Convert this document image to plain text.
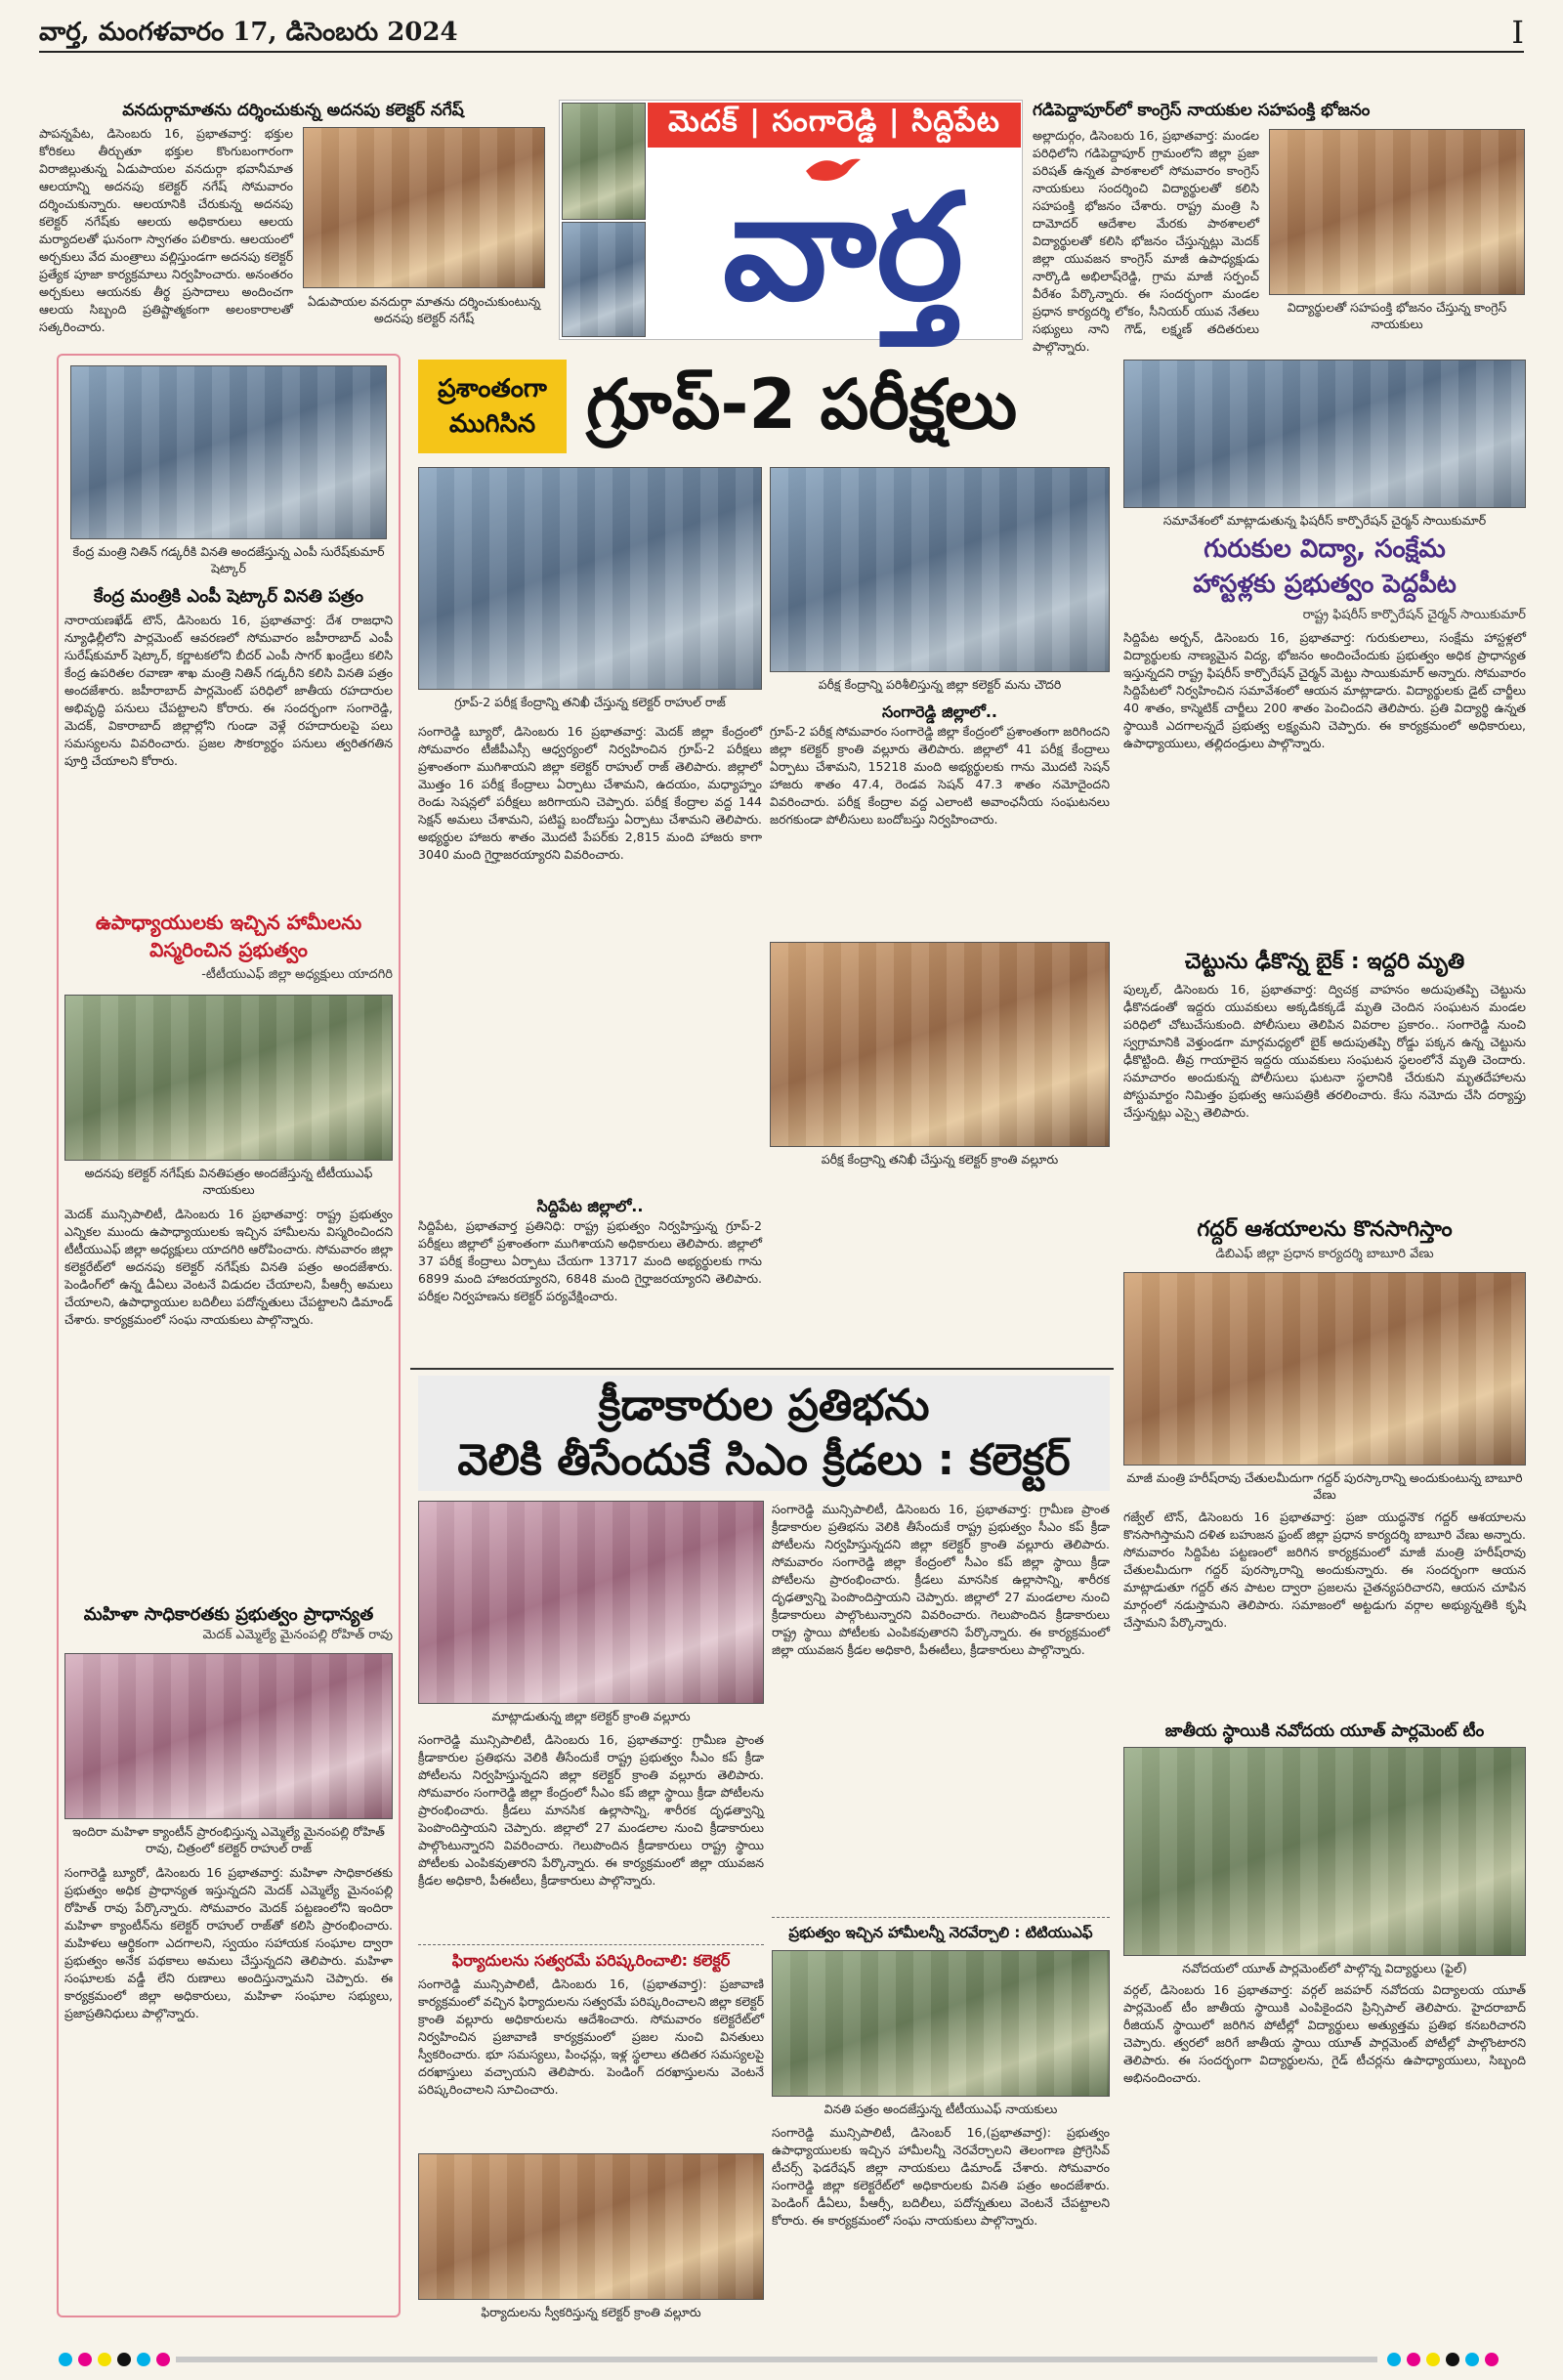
వార్త, మంగళవారం 17, డిసెంబరు 2024	I
వనదుర్గామాతను దర్శించుకున్న అదనపు కలెక్టర్ నగేష్
పాపన్నపేట, డిసెంబరు 16, ప్రభాతవార్త: భక్తుల కోరికలు తీర్చుతూ భక్తుల కొంగుబంగారంగా విరాజిల్లుతున్న ఏడుపాయల వనదుర్గా భవానీమాత ఆలయాన్ని అదనపు కలెక్టర్ నగేష్ సోమవారం దర్శించుకున్నారు. ఆలయానికి చేరుకున్న అదనపు కలెక్టర్ నగేష్‌కు ఆలయ అధికారులు ఆలయ మర్యాదలతో ఘనంగా స్వాగతం పలికారు. ఆలయంలో అర్చకులు వేద మంత్రాలు వల్లిస్తుండగా అదనపు కలెక్టర్ ప్రత్యేక పూజా కార్యక్రమాలు నిర్వహించారు. అనంతరం అర్చకులు ఆయనకు తీర్థ ప్రసాదాలు అందించగా ఆలయ సిబ్బంది ప్రతిష్టాత్మకంగా అలంకారాలతో సత్కరించారు.
ఏడుపాయల వనదుర్గా మాతను దర్శించుకుంటున్న అదనపు కలెక్టర్ నగేష్
మెదక్ | సంగారెడ్డి | సిద్దిపేట
వార్త
గడిపెద్దాపూర్‌లో కాంగ్రెస్ నాయకుల సహపంక్తి భోజనం
అల్లాదుర్గం, డిసెంబరు 16, ప్రభాతవార్త: మండల పరిధిలోని గడిపెద్దాపూర్ గ్రామంలోని జిల్లా ప్రజా పరిషత్ ఉన్నత పాఠశాలలో సోమవారం కాంగ్రెస్ నాయకులు సందర్శించి విద్యార్థులతో కలిసి సహపంక్తి భోజనం చేశారు. రాష్ట్ర మంత్రి సి దామోదర్ ఆదేశాల మేరకు పాఠశాలలో విద్యార్థులతో కలిసి భోజనం చేస్తున్నట్లు మెదక్ జిల్లా యువజన కాంగ్రెస్ మాజీ ఉపాధ్యక్షుడు నార్కొడి అభిలాష్‌రెడ్డి, గ్రామ మాజీ సర్పంచ్ వీరేశం పేర్కొన్నారు. ఈ సందర్భంగా మండల ప్రధాన కార్యదర్శి లోకం, సీనియర్ యువ నేతలు సభ్యులు నాని గౌడ్, లక్ష్మణ్ తదితరులు పాల్గొన్నారు.
విద్యార్థులతో సహపంక్తి భోజనం చేస్తున్న కాంగ్రెస్ నాయకులు
కేంద్ర మంత్రి నితిన్ గడ్కరీకి వినతి అందజేస్తున్న ఎంపీ సురేష్‌కుమార్ షెట్కార్
కేంద్ర మంత్రికి ఎంపీ షెట్కార్ వినతి పత్రం
నారాయణఖేడ్ టౌన్, డిసెంబరు 16, ప్రభాతవార్త: దేశ రాజధాని న్యూఢిల్లీలోని పార్లమెంట్ ఆవరణలో సోమవారం జహీరాబాద్ ఎంపీ సురేష్‌కుమార్ షెట్కార్, కర్ణాటకలోని బీదర్ ఎంపీ సాగర్ ఖండ్రేలు కలిసి కేంద్ర ఉపరితల రవాణా శాఖ మంత్రి నితిన్ గడ్కరీని కలిసి వినతి పత్రం అందజేశారు. జహీరాబాద్ పార్లమెంట్ పరిధిలో జాతీయ రహదారుల అభివృద్ధి పనులు చేపట్టాలని కోరారు. ఈ సందర్భంగా సంగారెడ్డి, మెదక్, వికారాబాద్ జిల్లాల్లోని గుండా వెళ్లే రహదారులపై పలు సమస్యలను వివరించారు. ప్రజల సౌకర్యార్థం పనులు త్వరితగతిన పూర్తి చేయాలని కోరారు.
ఉపాధ్యాయులకు ఇచ్చిన హామీలను విస్మరించిన ప్రభుత్వం
-టీటీయుఎఫ్ జిల్లా అధ్యక్షులు యాదగిరి
అదనపు కలెక్టర్ నగేష్‌కు వినతిపత్రం అందజేస్తున్న టీటీయుఎఫ్ నాయకులు
మెదక్ మున్సిపాలిటీ, డిసెంబరు 16 ప్రభాతవార్త: రాష్ట్ర ప్రభుత్వం ఎన్నికల ముందు ఉపాధ్యాయులకు ఇచ్చిన హామీలను విస్మరించిందని టీటీయుఎఫ్ జిల్లా అధ్యక్షులు యాదగిరి ఆరోపించారు. సోమవారం జిల్లా కలెక్టరేట్‌లో అదనపు కలెక్టర్ నగేష్‌కు వినతి పత్రం అందజేశారు. పెండింగ్‌లో ఉన్న డీఏలు వెంటనే విడుదల చేయాలని, పీఆర్సీ అమలు చేయాలని, ఉపాధ్యాయుల బదిలీలు పదోన్నతులు చేపట్టాలని డిమాండ్ చేశారు. కార్యక్రమంలో సంఘ నాయకులు పాల్గొన్నారు.
మహిళా సాధికారతకు ప్రభుత్వం ప్రాధాన్యత
మెదక్ ఎమ్మెల్యే మైనంపల్లి రోహిత్ రావు
ఇందిరా మహిళా క్యాంటీన్ ప్రారంభిస్తున్న ఎమ్మెల్యే మైనంపల్లి రోహిత్ రావు, చిత్రంలో కలెక్టర్ రాహుల్ రాజ్
సంగారెడ్డి బ్యూరో, డిసెంబరు 16 ప్రభాతవార్త: మహిళా సాధికారతకు ప్రభుత్వం అధిక ప్రాధాన్యత ఇస్తున్నదని మెదక్ ఎమ్మెల్యే మైనంపల్లి రోహిత్ రావు పేర్కొన్నారు. సోమవారం మెదక్ పట్టణంలోని ఇందిరా మహిళా క్యాంటీన్‌ను కలెక్టర్ రాహుల్ రాజ్‌తో కలిసి ప్రారంభించారు. మహిళలు ఆర్థికంగా ఎదగాలని, స్వయం సహాయక సంఘాల ద్వారా ప్రభుత్వం అనేక పథకాలు అమలు చేస్తున్నదని తెలిపారు. మహిళా సంఘాలకు వడ్డీ లేని రుణాలు అందిస్తున్నామని చెప్పారు. ఈ కార్యక్రమంలో జిల్లా అధికారులు, మహిళా సంఘాల సభ్యులు, ప్రజాప్రతినిధులు పాల్గొన్నారు.
ప్రశాంతంగా ముగిసిన గ్రూప్-2 పరీక్షలు
గ్రూప్-2 పరీక్ష కేంద్రాన్ని తనిఖీ చేస్తున్న కలెక్టర్ రాహుల్ రాజ్
పరీక్ష కేంద్రాన్ని పరిశీలిస్తున్న జిల్లా కలెక్టర్ మను చౌదరి
సంగారెడ్డి బ్యూరో, డిసెంబరు 16 ప్రభాతవార్త: మెదక్ జిల్లా కేంద్రంలో సోమవారం టీజీపీఎస్సీ ఆధ్వర్యంలో నిర్వహించిన గ్రూప్-2 పరీక్షలు ప్రశాంతంగా ముగిశాయని జిల్లా కలెక్టర్ రాహుల్ రాజ్ తెలిపారు. జిల్లాలో మొత్తం 16 పరీక్ష కేంద్రాలు ఏర్పాటు చేశామని, ఉదయం, మధ్యాహ్నం రెండు సెషన్లలో పరీక్షలు జరిగాయని చెప్పారు. పరీక్ష కేంద్రాల వద్ద 144 సెక్షన్ అమలు చేశామని, పటిష్ట బందోబస్తు ఏర్పాటు చేశామని తెలిపారు. అభ్యర్థుల హాజరు శాతం మొదటి పేపర్‌కు 2,815 మంది హాజరు కాగా 3040 మంది గైర్హాజరయ్యారని వివరించారు.
సిద్దిపేట జిల్లాలో..
సిద్దిపేట, ప్రభాతవార్త ప్రతినిధి: రాష్ట్ర ప్రభుత్వం నిర్వహిస్తున్న గ్రూప్-2 పరీక్షలు జిల్లాలో ప్రశాంతంగా ముగిశాయని అధికారులు తెలిపారు. జిల్లాలో 37 పరీక్ష కేంద్రాలు ఏర్పాటు చేయగా 13717 మంది అభ్యర్థులకు గాను 6899 మంది హాజరయ్యారని, 6848 మంది గైర్హాజరయ్యారని తెలిపారు. పరీక్షల నిర్వహణను కలెక్టర్ పర్యవేక్షించారు.
సంగారెడ్డి జిల్లాలో..
గ్రూప్-2 పరీక్ష సోమవారం సంగారెడ్డి జిల్లా కేంద్రంలో ప్రశాంతంగా జరిగిందని జిల్లా కలెక్టర్ క్రాంతి వల్లూరు తెలిపారు. జిల్లాలో 41 పరీక్ష కేంద్రాలు ఏర్పాటు చేశామని, 15218 మంది అభ్యర్థులకు గాను మొదటి సెషన్ హాజరు శాతం 47.4, రెండవ సెషన్ 47.3 శాతం నమోదైందని వివరించారు. పరీక్ష కేంద్రాల వద్ద ఎలాంటి అవాంఛనీయ సంఘటనలు జరగకుండా పోలీసులు బందోబస్తు నిర్వహించారు.
పరీక్ష కేంద్రాన్ని తనిఖీ చేస్తున్న కలెక్టర్ క్రాంతి వల్లూరు
క్రీడాకారుల ప్రతిభను
వెలికి తీసేందుకే సిఎం క్రీడలు : కలెక్టర్
మాట్లాడుతున్న జిల్లా కలెక్టర్ క్రాంతి వల్లూరు
సంగారెడ్డి మున్సిపాలిటీ, డిసెంబరు 16, ప్రభాతవార్త: గ్రామీణ ప్రాంత క్రీడాకారుల ప్రతిభను వెలికి తీసేందుకే రాష్ట్ర ప్రభుత్వం సీఎం కప్ క్రీడా పోటీలను నిర్వహిస్తున్నదని జిల్లా కలెక్టర్ క్రాంతి వల్లూరు తెలిపారు. సోమవారం సంగారెడ్డి జిల్లా కేంద్రంలో సీఎం కప్ జిల్లా స్థాయి క్రీడా పోటీలను ప్రారంభించారు. క్రీడలు మానసిక ఉల్లాసాన్ని, శారీరక దృఢత్వాన్ని పెంపొందిస్తాయని చెప్పారు. జిల్లాలో 27 మండలాల నుంచి క్రీడాకారులు పాల్గొంటున్నారని వివరించారు. గెలుపొందిన క్రీడాకారులు రాష్ట్ర స్థాయి పోటీలకు ఎంపికవుతారని పేర్కొన్నారు. ఈ కార్యక్రమంలో జిల్లా యువజన క్రీడల అధికారి, పీఈటీలు, క్రీడాకారులు పాల్గొన్నారు.
సంగారెడ్డి మున్సిపాలిటీ, డిసెంబరు 16, ప్రభాతవార్త: గ్రామీణ ప్రాంత క్రీడాకారుల ప్రతిభను వెలికి తీసేందుకే రాష్ట్ర ప్రభుత్వం సీఎం కప్ క్రీడా పోటీలను నిర్వహిస్తున్నదని జిల్లా కలెక్టర్ క్రాంతి వల్లూరు తెలిపారు. సోమవారం సంగారెడ్డి జిల్లా కేంద్రంలో సీఎం కప్ జిల్లా స్థాయి క్రీడా పోటీలను ప్రారంభించారు. క్రీడలు మానసిక ఉల్లాసాన్ని, శారీరక దృఢత్వాన్ని పెంపొందిస్తాయని చెప్పారు. జిల్లాలో 27 మండలాల నుంచి క్రీడాకారులు పాల్గొంటున్నారని వివరించారు. గెలుపొందిన క్రీడాకారులు రాష్ట్ర స్థాయి పోటీలకు ఎంపికవుతారని పేర్కొన్నారు. ఈ కార్యక్రమంలో జిల్లా యువజన క్రీడల అధికారి, పీఈటీలు, క్రీడాకారులు పాల్గొన్నారు.
ఫిర్యాదులను సత్వరమే పరిష్కరించాలి: కలెక్టర్
సంగారెడ్డి మున్సిపాలిటీ, డిసెంబరు 16, (ప్రభాతవార్త): ప్రజావాణి కార్యక్రమంలో వచ్చిన ఫిర్యాదులను సత్వరమే పరిష్కరించాలని జిల్లా కలెక్టర్ క్రాంతి వల్లూరు అధికారులను ఆదేశించారు. సోమవారం కలెక్టరేట్‌లో నిర్వహించిన ప్రజావాణి కార్యక్రమంలో ప్రజల నుంచి వినతులు స్వీకరించారు. భూ సమస్యలు, పింఛన్లు, ఇళ్ల స్థలాలు తదితర సమస్యలపై దరఖాస్తులు వచ్చాయని తెలిపారు. పెండింగ్ దరఖాస్తులను వెంటనే పరిష్కరించాలని సూచించారు.
ఫిర్యాదులను స్వీకరిస్తున్న కలెక్టర్ క్రాంతి వల్లూరు
ప్రభుత్వం ఇచ్చిన హామీలన్నీ నెరవేర్చాలి : టిటియుఎఫ్
వినతి పత్రం అందజేస్తున్న టీటీయుఎఫ్ నాయకులు
సంగారెడ్డి మున్సిపాలిటీ, డిసెంబర్ 16,(ప్రభాతవార్త): ప్రభుత్వం ఉపాధ్యాయులకు ఇచ్చిన హామీలన్నీ నెరవేర్చాలని తెలంగాణ ప్రోగ్రెసివ్ టీచర్స్ ఫెడరేషన్ జిల్లా నాయకులు డిమాండ్ చేశారు. సోమవారం సంగారెడ్డి జిల్లా కలెక్టరేట్‌లో అధికారులకు వినతి పత్రం అందజేశారు. పెండింగ్ డీఏలు, పీఆర్సీ, బదిలీలు, పదోన్నతులు వెంటనే చేపట్టాలని కోరారు. ఈ కార్యక్రమంలో సంఘ నాయకులు పాల్గొన్నారు.
సమావేశంలో మాట్లాడుతున్న ఫిషరీస్ కార్పొరేషన్ చైర్మన్ సాయికుమార్
గురుకుల విద్యా, సంక్షేమ
హాస్టళ్లకు ప్రభుత్వం పెద్దపీట
రాష్ట్ర ఫిషరీస్ కార్పొరేషన్ చైర్మన్ సాయికుమార్
సిద్దిపేట అర్బన్, డిసెంబరు 16, ప్రభాతవార్త: గురుకులాలు, సంక్షేమ హాస్టళ్లలో విద్యార్థులకు నాణ్యమైన విద్య, భోజనం అందించేందుకు ప్రభుత్వం అధిక ప్రాధాన్యత ఇస్తున్నదని రాష్ట్ర ఫిషరీస్ కార్పొరేషన్ చైర్మన్ మెట్టు సాయికుమార్ అన్నారు. సోమవారం సిద్దిపేటలో నిర్వహించిన సమావేశంలో ఆయన మాట్లాడారు. విద్యార్థులకు డైట్ చార్జీలు 40 శాతం, కాస్మెటిక్ చార్జీలు 200 శాతం పెంచిందని తెలిపారు. ప్రతి విద్యార్థి ఉన్నత స్థాయికి ఎదగాలన్నదే ప్రభుత్వ లక్ష్యమని చెప్పారు. ఈ కార్యక్రమంలో అధికారులు, ఉపాధ్యాయులు, తల్లిదండ్రులు పాల్గొన్నారు.
చెట్టును ఢీకొన్న బైక్ : ఇద్దరి మృతి
పుల్కల్, డిసెంబరు 16, ప్రభాతవార్త: ద్విచక్ర వాహనం అదుపుతప్పి చెట్టును ఢీకొనడంతో ఇద్దరు యువకులు అక్కడికక్కడే మృతి చెందిన సంఘటన మండల పరిధిలో చోటుచేసుకుంది. పోలీసులు తెలిపిన వివరాల ప్రకారం.. సంగారెడ్డి నుంచి స్వగ్రామానికి వెళ్తుండగా మార్గమధ్యలో బైక్ అదుపుతప్పి రోడ్డు పక్కన ఉన్న చెట్టును ఢీకొట్టింది. తీవ్ర గాయాలైన ఇద్దరు యువకులు సంఘటన స్థలంలోనే మృతి చెందారు. సమాచారం అందుకున్న పోలీసులు ఘటనా స్థలానికి చేరుకుని మృతదేహాలను పోస్టుమార్టం నిమిత్తం ప్రభుత్వ ఆసుపత్రికి తరలించారు. కేసు నమోదు చేసి దర్యాప్తు చేస్తున్నట్లు ఎస్సై తెలిపారు.
గద్దర్ ఆశయాలను కొనసాగిస్తాం
డిబిఎఫ్ జిల్లా ప్రధాన కార్యదర్శి బాబూరి వేణు
మాజీ మంత్రి హరీష్‌రావు చేతులమీదుగా గద్దర్ పురస్కారాన్ని అందుకుంటున్న బాబూరి వేణు
గజ్వేల్ టౌన్, డిసెంబరు 16 ప్రభాతవార్త: ప్రజా యుద్ధనౌక గద్దర్ ఆశయాలను కొనసాగిస్తామని దళిత బహుజన ఫ్రంట్ జిల్లా ప్రధాన కార్యదర్శి బాబూరి వేణు అన్నారు. సోమవారం సిద్దిపేట పట్టణంలో జరిగిన కార్యక్రమంలో మాజీ మంత్రి హరీష్‌రావు చేతులమీదుగా గద్దర్ పురస్కారాన్ని అందుకున్నారు. ఈ సందర్భంగా ఆయన మాట్లాడుతూ గద్దర్ తన పాటల ద్వారా ప్రజలను చైతన్యపరిచారని, ఆయన చూపిన మార్గంలో నడుస్తామని తెలిపారు. సమాజంలో అట్టడుగు వర్గాల అభ్యున్నతికి కృషి చేస్తామని పేర్కొన్నారు.
జాతీయ స్థాయికి నవోదయ యూత్ పార్లమెంట్ టీం
నవోదయలో యూత్ పార్లమెంట్‌లో పాల్గొన్న విద్యార్థులు (ఫైల్)
వర్గల్, డిసెంబరు 16 ప్రభాతవార్త: వర్గల్ జవహర్ నవోదయ విద్యాలయ యూత్ పార్లమెంట్ టీం జాతీయ స్థాయికి ఎంపికైందని ప్రిన్సిపాల్ తెలిపారు. హైదరాబాద్ రీజియన్ స్థాయిలో జరిగిన పోటీల్లో విద్యార్థులు అత్యుత్తమ ప్రతిభ కనబరిచారని చెప్పారు. త్వరలో జరిగే జాతీయ స్థాయి యూత్ పార్లమెంట్ పోటీల్లో పాల్గొంటారని తెలిపారు. ఈ సందర్భంగా విద్యార్థులను, గైడ్ టీచర్లను ఉపాధ్యాయులు, సిబ్బంది అభినందించారు.
